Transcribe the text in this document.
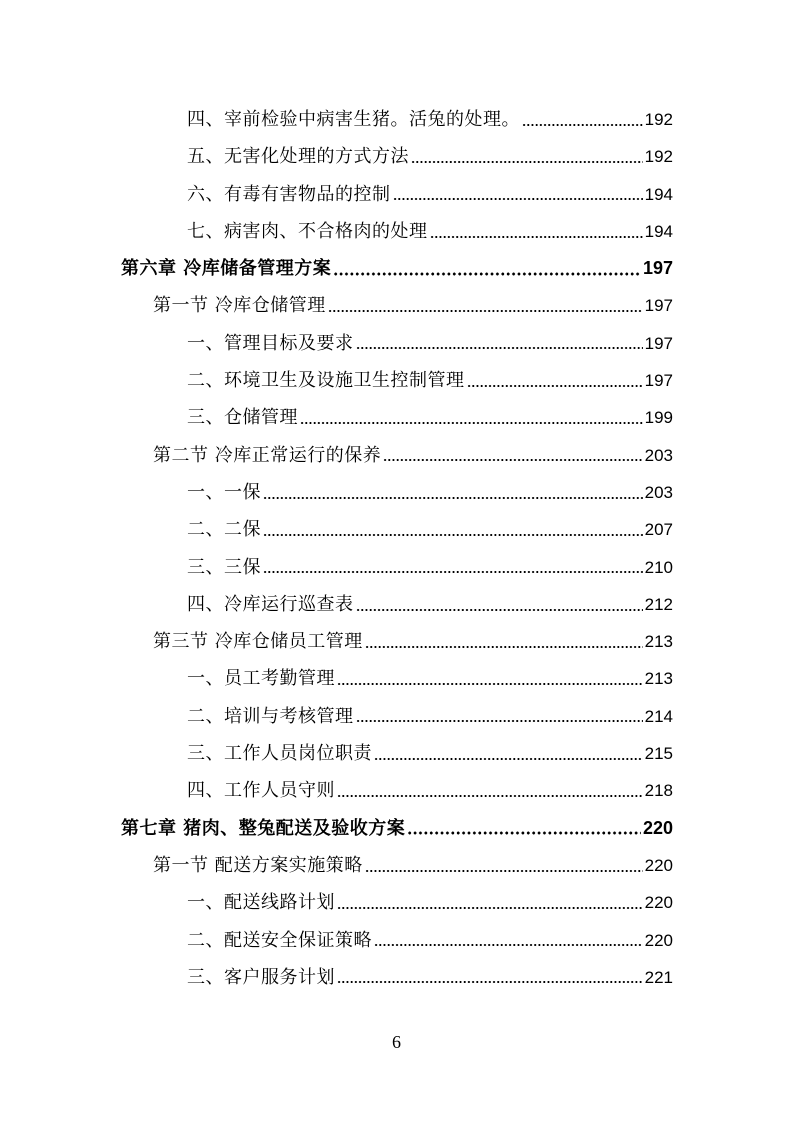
四、宰前检验中病害生猪。活兔的处理。	192
五、无害化处理的方式方法	192
六、有毒有害物品的控制	194
七、病害肉、不合格肉的处理	194
第六章 冷库储备管理方案	197
第一节 冷库仓储管理	197
一、管理目标及要求	197
二、环境卫生及设施卫生控制管理	197
三、仓储管理	199
第二节 冷库正常运行的保养	203
一、一保	203
二、二保	207
三、三保	210
四、冷库运行巡查表	212
第三节 冷库仓储员工管理	213
一、员工考勤管理	213
二、培训与考核管理	214
三、工作人员岗位职责	215
四、工作人员守则	218
第七章 猪肉、整兔配送及验收方案	220
第一节 配送方案实施策略	220
一、配送线路计划	220
二、配送安全保证策略	220
三、客户服务计划	221
6
